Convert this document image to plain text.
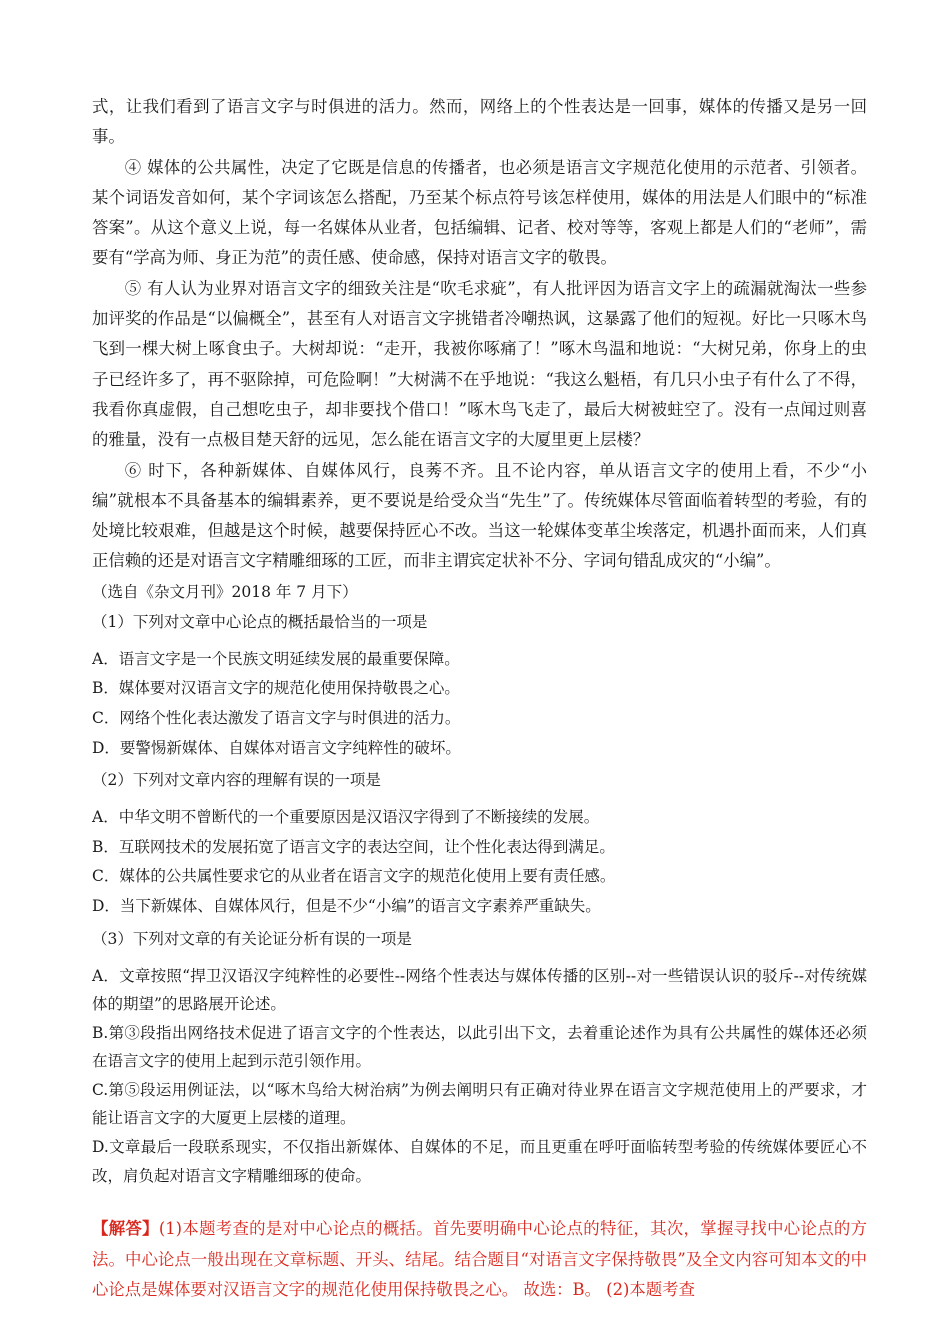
式，让我们看到了语言文字与时俱进的活力。然而，网络上的个性表达是一回事，媒体的传播又是另一回事。

④ 媒体的公共属性，决定了它既是信息的传播者，也必须是语言文字规范化使用的示范者、引领者。某个词语发音如何，某个字词该怎么搭配，乃至某个标点符号该怎样使用，媒体的用法是人们眼中的“标准答案”。从这个意义上说，每一名媒体从业者，包括编辑、记者、校对等等，客观上都是人们的“老师”，需要有“学高为师、身正为范”的责任感、使命感，保持对语言文字的敬畏。

⑤ 有人认为业界对语言文字的细致关注是“吹毛求疵”，有人批评因为语言文字上的疏漏就淘汰一些参加评奖的作品是“以偏概全”，甚至有人对语言文字挑错者冷嘲热讽，这暴露了他们的短视。好比一只啄木鸟飞到一棵大树上啄食虫子。大树却说：“走开，我被你啄痛了！”啄木鸟温和地说：“大树兄弟，你身上的虫子已经许多了，再不驱除掉，可危险啊！”大树满不在乎地说：“我这么魁梧，有几只小虫子有什么了不得，我看你真虚假，自己想吃虫子，却非要找个借口！”啄木鸟飞走了，最后大树被蛀空了。没有一点闻过则喜的雅量，没有一点极目楚天舒的远见，怎么能在语言文字的大厦里更上层楼？

⑥ 时下，各种新媒体、自媒体风行，良莠不齐。且不论内容，单从语言文字的使用上看，不少“小编”就根本不具备基本的编辑素养，更不要说是给受众当“先生”了。传统媒体尽管面临着转型的考验，有的处境比较艰难，但越是这个时候，越要保持匠心不改。当这一轮媒体变革尘埃落定，机遇扑面而来，人们真正信赖的还是对语言文字精雕细琢的工匠，而非主谓宾定状补不分、字词句错乱成灾的“小编”。

（选自《杂文月刊》2018 年 7 月下）

（1）下列对文章中心论点的概括最恰当的一项是

A．语言文字是一个民族文明延续发展的最重要保障。

B．媒体要对汉语言文字的规范化使用保持敬畏之心。

C．网络个性化表达激发了语言文字与时俱进的活力。

D．要警惕新媒体、自媒体对语言文字纯粹性的破坏。

（2）下列对文章内容的理解有误的一项是

A．中华文明不曾断代的一个重要原因是汉语汉字得到了不断接续的发展。

B．互联网技术的发展拓宽了语言文字的表达空间，让个性化表达得到满足。

C．媒体的公共属性要求它的从业者在语言文字的规范化使用上要有责任感。

D．当下新媒体、自媒体风行，但是不少“小编”的语言文字素养严重缺失。

（3）下列对文章的有关论证分析有误的一项是

A．文章按照“捍卫汉语汉字纯粹性的必要性--网络个性表达与媒体传播的区别--对一些错误认识的驳斥--对传统媒体的期望”的思路展开论述。

B.第③段指出网络技术促进了语言文字的个性表达，以此引出下文，去着重论述作为具有公共属性的媒体还必须在语言文字的使用上起到示范引领作用。

C.第⑤段运用例证法，以“啄木鸟给大树治病”为例去阐明只有正确对待业界在语言文字规范使用上的严要求，才能让语言文字的大厦更上层楼的道理。

D.文章最后一段联系现实，不仅指出新媒体、自媒体的不足，而且更重在呼吁面临转型考验的传统媒体要匠心不改，肩负起对语言文字精雕细琢的使命。

【解答】(1)本题考查的是对中心论点的概括。首先要明确中心论点的特征，其次，掌握寻找中心论点的方法。中心论点一般出现在文章标题、开头、结尾。结合题目“对语言文字保持敬畏”及全文内容可知本文的中心论点是媒体要对汉语言文字的规范化使用保持敬畏之心。 故选：B。 (2)本题考查
